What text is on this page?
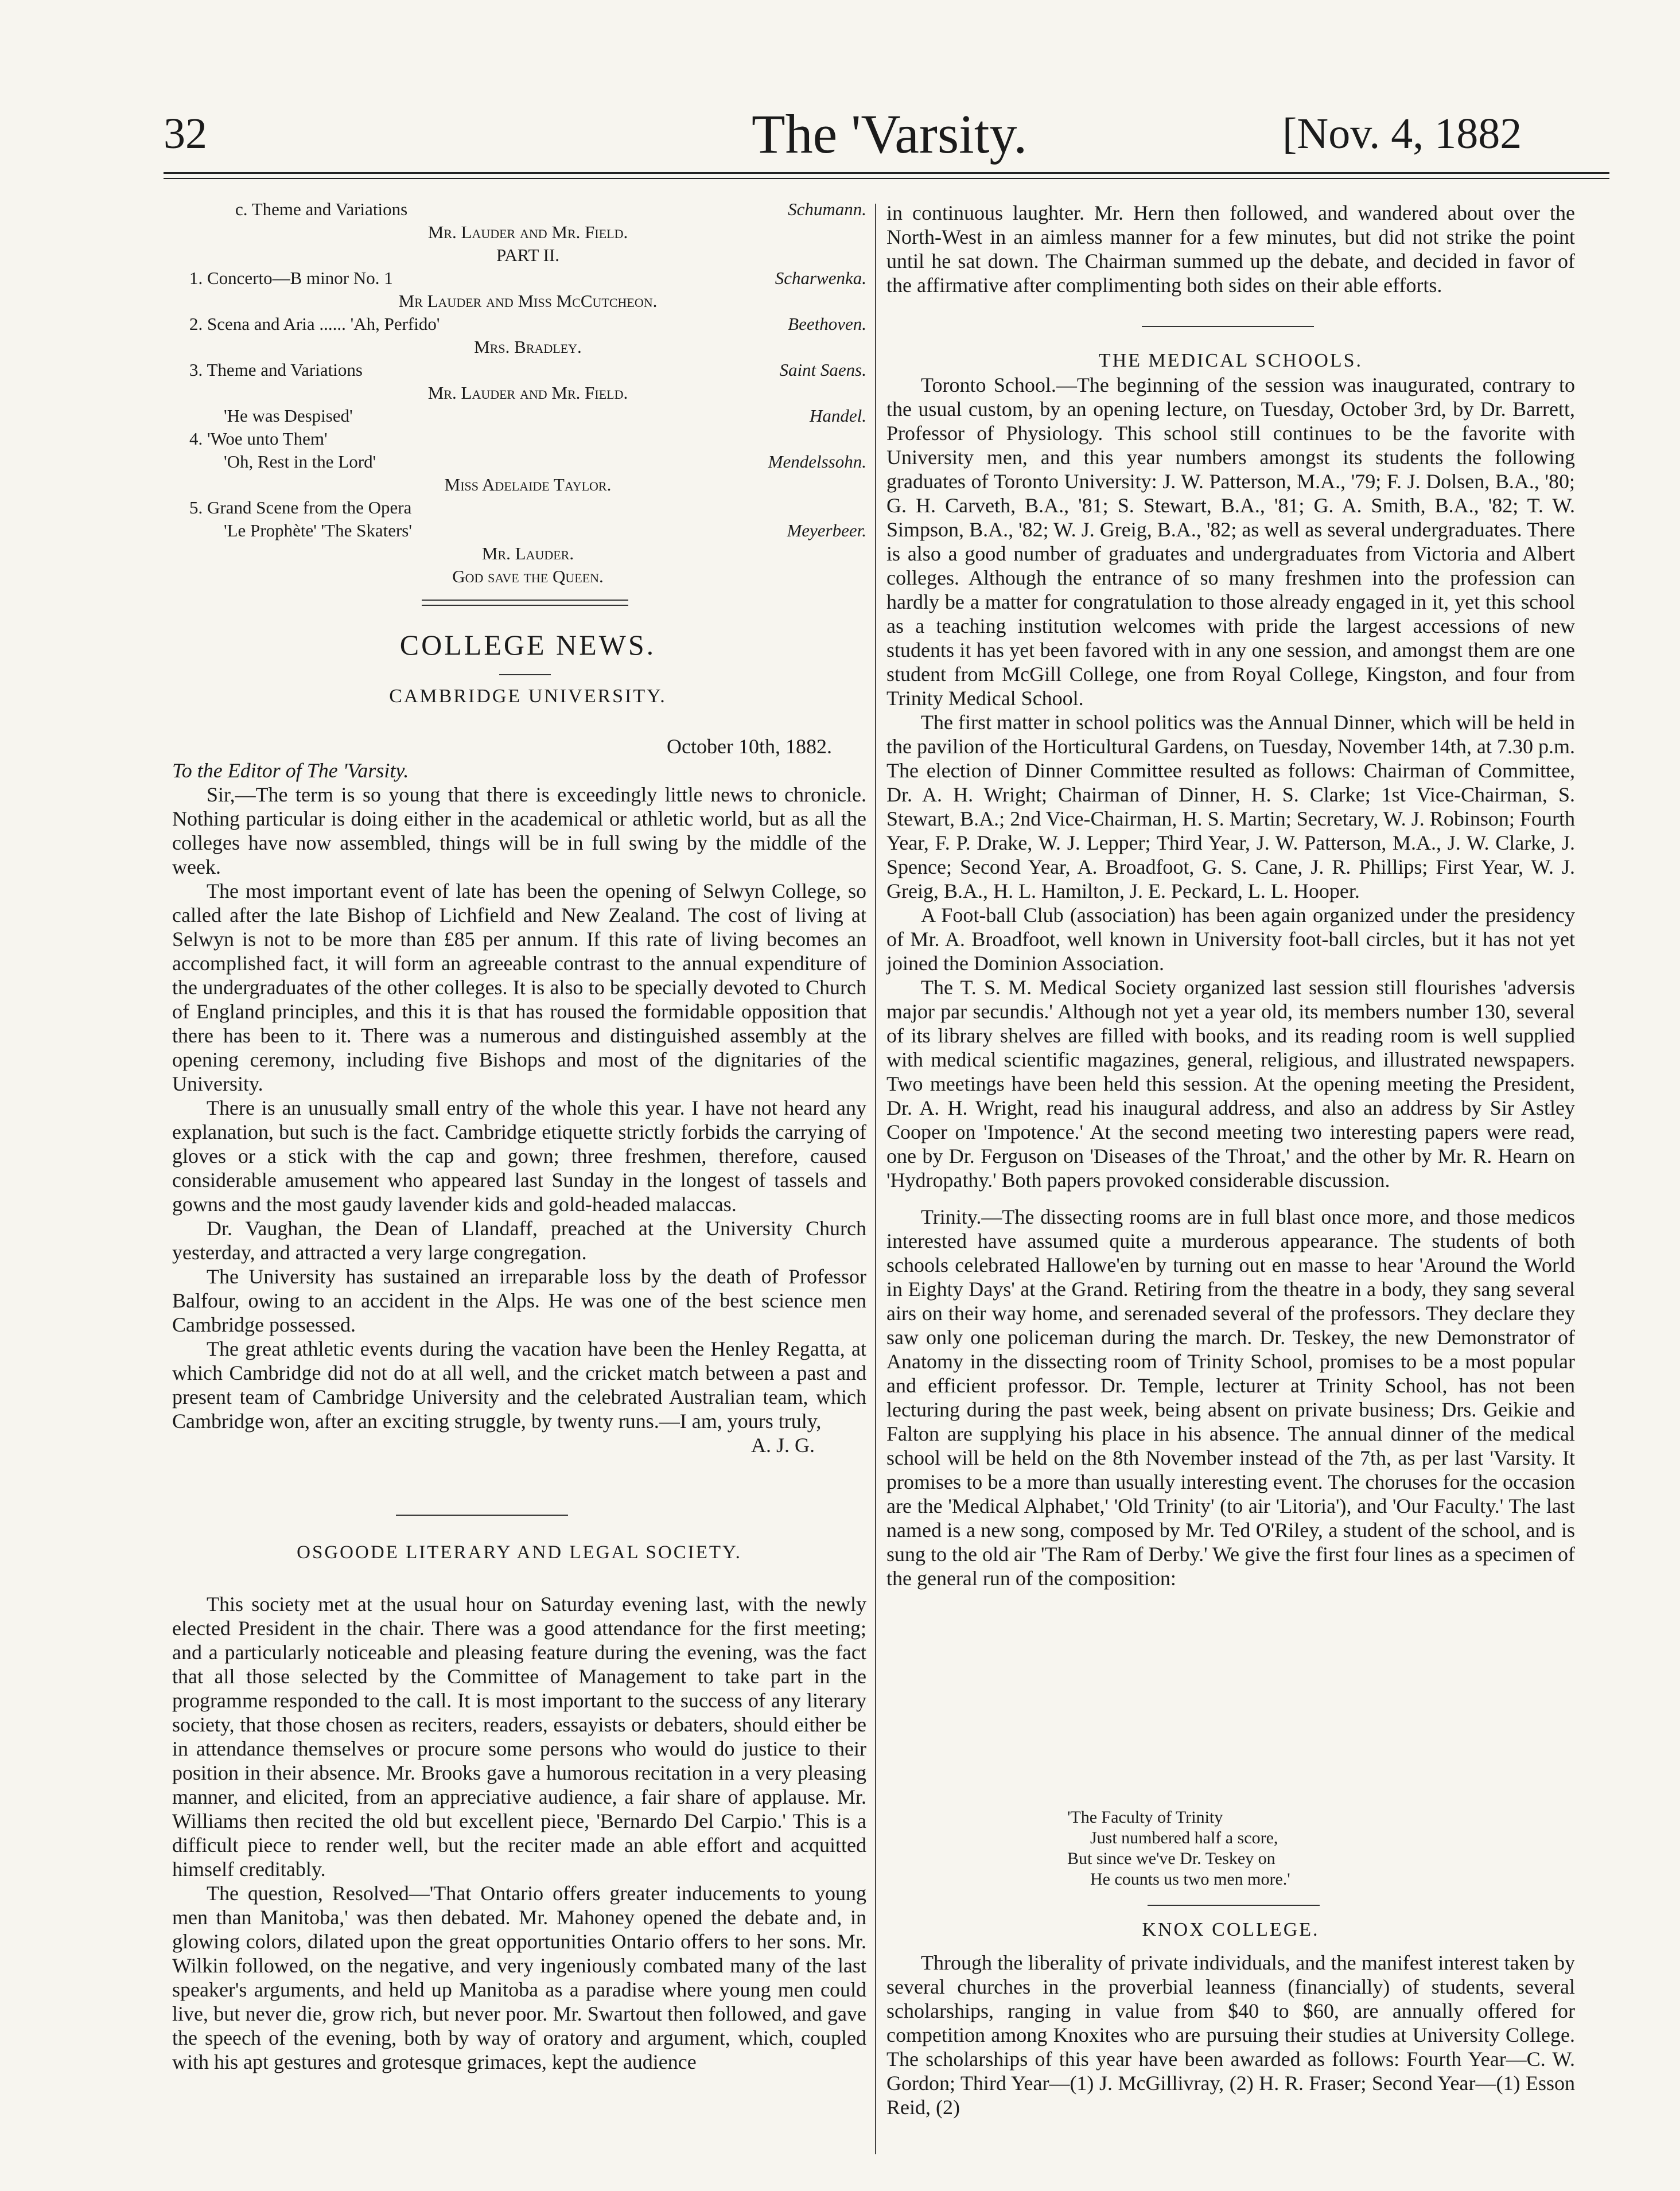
32	The 'Varsity.	[Nov. 4, 1882
c. Theme and Variations	Schumann.
Mr. Lauder and Mr. Field.
PART II.
1. Concerto—B minor No. 1	Scharwenka.
Mr Lauder and Miss McCutcheon.
2. Scena and Aria ...... 'Ah, Perfido'	Beethoven.
Mrs. Bradley.
3. Theme and Variations	Saint Saens.
Mr. Lauder and Mr. Field.
'He was Despised'	Handel.
4. 'Woe unto Them'
'Oh, Rest in the Lord'	Mendelssohn.
Miss Adelaide Taylor.
5. Grand Scene from the Opera
'Le Prophète' 'The Skaters'	Meyerbeer.
Mr. Lauder.
God save the Queen.
COLLEGE NEWS.
CAMBRIDGE UNIVERSITY.

October 10th, 1882.

To the Editor of The 'Varsity.

Sir,—The term is so young that there is exceedingly little news to chronicle. Nothing particular is doing either in the academical or athletic world, but as all the colleges have now assembled, things will be in full swing by the middle of the week.

The most important event of late has been the opening of Selwyn College, so called after the late Bishop of Lichfield and New Zealand. The cost of living at Selwyn is not to be more than £85 per annum. If this rate of living becomes an accomplished fact, it will form an agreeable contrast to the annual expenditure of the undergraduates of the other colleges. It is also to be specially devoted to Church of England principles, and this it is that has roused the formidable opposition that there has been to it. There was a numerous and distinguished assembly at the opening ceremony, including five Bishops and most of the dignitaries of the University.

There is an unusually small entry of the whole this year. I have not heard any explanation, but such is the fact. Cambridge etiquette strictly forbids the carrying of gloves or a stick with the cap and gown; three freshmen, therefore, caused considerable amusement who appeared last Sunday in the longest of tassels and gowns and the most gaudy lavender kids and gold-headed malaccas.

Dr. Vaughan, the Dean of Llandaff, preached at the University Church yesterday, and attracted a very large congregation.

The University has sustained an irreparable loss by the death of Professor Balfour, owing to an accident in the Alps. He was one of the best science men Cambridge possessed.

The great athletic events during the vacation have been the Henley Regatta, at which Cambridge did not do at all well, and the cricket match between a past and present team of Cambridge University and the celebrated Australian team, which Cambridge won, after an exciting struggle, by twenty runs.—I am, yours truly,

A. J. G.

OSGOODE LITERARY AND LEGAL SOCIETY.

This society met at the usual hour on Saturday evening last, with the newly elected President in the chair. There was a good attendance for the first meeting; and a particularly noticeable and pleasing feature during the evening, was the fact that all those selected by the Committee of Management to take part in the programme responded to the call. It is most important to the success of any literary society, that those chosen as reciters, readers, essayists or debaters, should either be in attendance themselves or procure some persons who would do justice to their position in their absence. Mr. Brooks gave a humorous recitation in a very pleasing manner, and elicited, from an appreciative audience, a fair share of applause. Mr. Williams then recited the old but excellent piece, 'Bernardo Del Carpio.' This is a difficult piece to render well, but the reciter made an able effort and acquitted himself creditably.

The question, Resolved—'That Ontario offers greater inducements to young men than Manitoba,' was then debated. Mr. Mahoney opened the debate and, in glowing colors, dilated upon the great opportunities Ontario offers to her sons. Mr. Wilkin followed, on the negative, and very ingeniously combated many of the last speaker's arguments, and held up Manitoba as a paradise where young men could live, but never die, grow rich, but never poor. Mr. Swartout then followed, and gave the speech of the evening, both by way of oratory and argument, which, coupled with his apt gestures and grotesque grimaces, kept the audience

in continuous laughter. Mr. Hern then followed, and wandered about over the North-West in an aimless manner for a few minutes, but did not strike the point until he sat down. The Chairman summed up the debate, and decided in favor of the affirmative after complimenting both sides on their able efforts.

THE MEDICAL SCHOOLS.

Toronto School.—The beginning of the session was inaugurated, contrary to the usual custom, by an opening lecture, on Tuesday, October 3rd, by Dr. Barrett, Professor of Physiology. This school still continues to be the favorite with University men, and this year numbers amongst its students the following graduates of Toronto University: J. W. Patterson, M.A., '79; F. J. Dolsen, B.A., '80; G. H. Carveth, B.A., '81; S. Stewart, B.A., '81; G. A. Smith, B.A., '82; T. W. Simpson, B.A., '82; W. J. Greig, B.A., '82; as well as several undergraduates. There is also a good number of graduates and undergraduates from Victoria and Albert colleges. Although the entrance of so many freshmen into the profession can hardly be a matter for congratulation to those already engaged in it, yet this school as a teaching institution welcomes with pride the largest accessions of new students it has yet been favored with in any one session, and amongst them are one student from McGill College, one from Royal College, Kingston, and four from Trinity Medical School.

The first matter in school politics was the Annual Dinner, which will be held in the pavilion of the Horticultural Gardens, on Tuesday, November 14th, at 7.30 p.m. The election of Dinner Committee resulted as follows: Chairman of Committee, Dr. A. H. Wright; Chairman of Dinner, H. S. Clarke; 1st Vice-Chairman, S. Stewart, B.A.; 2nd Vice-Chairman, H. S. Martin; Secretary, W. J. Robinson; Fourth Year, F. P. Drake, W. J. Lepper; Third Year, J. W. Patterson, M.A., J. W. Clarke, J. Spence; Second Year, A. Broadfoot, G. S. Cane, J. R. Phillips; First Year, W. J. Greig, B.A., H. L. Hamilton, J. E. Peckard, L. L. Hooper.

A Foot-ball Club (association) has been again organized under the presidency of Mr. A. Broadfoot, well known in University foot-ball circles, but it has not yet joined the Dominion Association.

The T. S. M. Medical Society organized last session still flourishes 'adversis major par secundis.' Although not yet a year old, its members number 130, several of its library shelves are filled with books, and its reading room is well supplied with medical scientific magazines, general, religious, and illustrated newspapers. Two meetings have been held this session. At the opening meeting the President, Dr. A. H. Wright, read his inaugural address, and also an address by Sir Astley Cooper on 'Impotence.' At the second meeting two interesting papers were read, one by Dr. Ferguson on 'Diseases of the Throat,' and the other by Mr. R. Hearn on 'Hydropathy.' Both papers provoked considerable discussion.

Trinity.—The dissecting rooms are in full blast once more, and those medicos interested have assumed quite a murderous appearance. The students of both schools celebrated Hallowe'en by turning out en masse to hear 'Around the World in Eighty Days' at the Grand. Retiring from the theatre in a body, they sang several airs on their way home, and serenaded several of the professors. They declare they saw only one policeman during the march. Dr. Teskey, the new Demonstrator of Anatomy in the dissecting room of Trinity School, promises to be a most popular and efficient professor. Dr. Temple, lecturer at Trinity School, has not been lecturing during the past week, being absent on private business; Drs. Geikie and Falton are supplying his place in his absence. The annual dinner of the medical school will be held on the 8th November instead of the 7th, as per last 'Varsity. It promises to be a more than usually interesting event. The choruses for the occasion are the 'Medical Alphabet,' 'Old Trinity' (to air 'Litoria'), and 'Our Faculty.' The last named is a new song, composed by Mr. Ted O'Riley, a student of the school, and is sung to the old air 'The Ram of Derby.' We give the first four lines as a specimen of the general run of the composition:

'The Faculty of Trinity
Just numbered half a score,
But since we've Dr. Teskey on
He counts us two men more.'
KNOX COLLEGE.

Through the liberality of private individuals, and the manifest interest taken by several churches in the proverbial leanness (financially) of students, several scholarships, ranging in value from $40 to $60, are annually offered for competition among Knoxites who are pursuing their studies at University College. The scholarships of this year have been awarded as follows: Fourth Year—C. W. Gordon; Third Year—(1) J. McGillivray, (2) H. R. Fraser; Second Year—(1) Esson Reid, (2)
